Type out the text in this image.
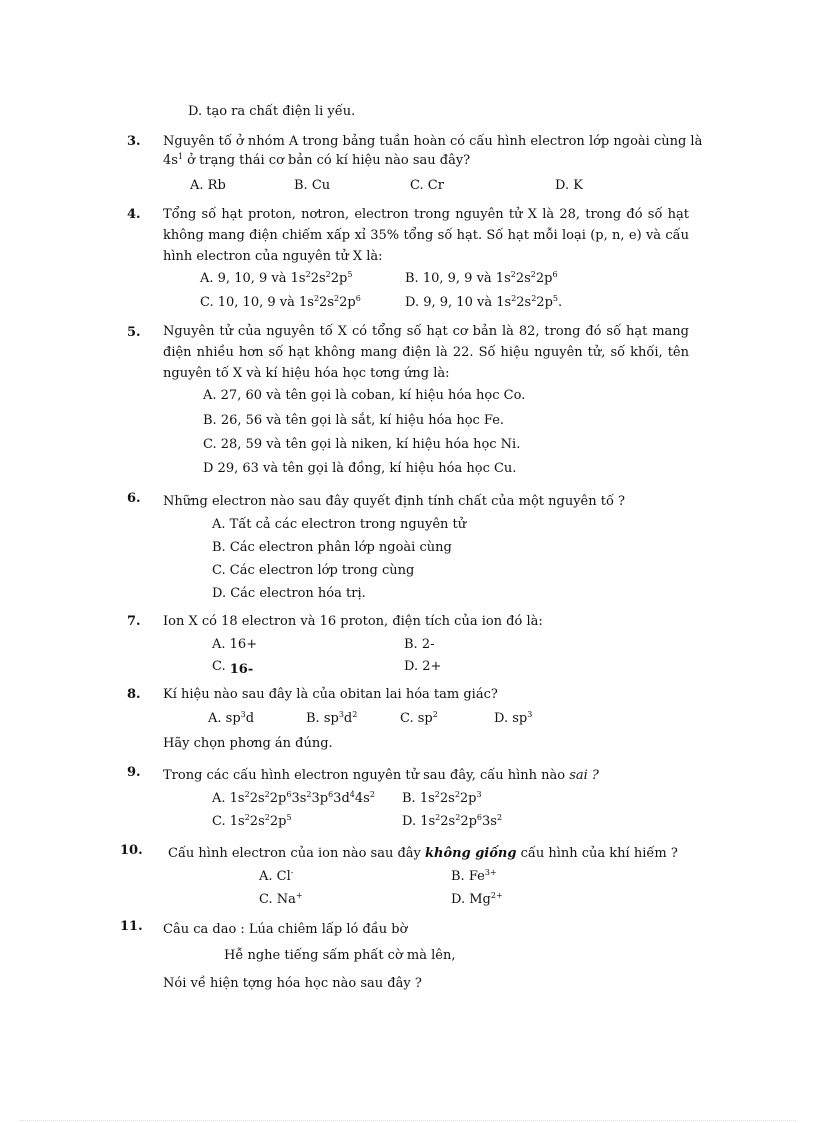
D. tạo ra chất điện li yếu.
3. Nguyên tố ở nhóm A trong bảng tuần hoàn có cấu hình electron lớp ngoài cùng là
$4s^1$ ở trạng thái cơ bản có kí hiệu nào sau đây?
A. Rb	B. Cu	C. Cr	D. K
4. Tổng số hạt proton, nơtron, electron trong nguyên tử X là 28, trong đó số hạt không mang điện chiếm xấp xỉ 35% tổng số hạt. Số hạt mỗi loại (p, n, e) và cấu hình electron của nguyên tử X là:
A. 9, 10, 9 và $1s^22s^22p^5$	B. 10, 9, 9 và $1s^22s^22p^6$
C. 10, 10, 9 và $1s^22s^22p^6$	D. 9, 9, 10 và $1s^22s^22p^5$.
5. Nguyên tử của nguyên tố X có tổng số hạt cơ bản là 82, trong đó số hạt mang điện nhiều hơn số hạt không mang điện là 22. Số hiệu nguyên tử, số khối, tên nguyên tố X và kí hiệu hóa học tơng ứng là:
A. 27, 60 và tên gọi là coban, kí hiệu hóa học Co.
B. 26, 56 và tên gọi là sắt, kí hiệu hóa học Fe.
C. 28, 59 và tên gọi là niken, kí hiệu hóa học Ni.
D 29, 63 và tên gọi là đồng, kí hiệu hóa học Cu.
6. Những electron nào sau đây quyết định tính chất của một nguyên tố ?
A. Tất cả các electron trong nguyên tử
B. Các electron phân lớp ngoài cùng
C. Các electron lớp trong cùng
D. Các electron hóa trị.
7. Ion X có 18 electron và 16 proton, điện tích của ion đó là:
A. 16+	B. 2-
C. 16-	D. 2+
8. Kí hiệu nào sau đây là của obitan lai hóa tam giác?
A. $sp^3d$	B. $sp^3d^2$	C. $sp^2$	D. $sp^3$
Hãy chọn phơng án đúng.
9. Trong các cấu hình electron nguyên tử sau đây, cấu hình nào sai ?
A. $1s^22s^22p^63s^23p^63d^44s^2$ B. $1s^22s^22p^3$
C. $1s^22s^22p^5$	D. $1s^22s^22p^63s^2$
10. Cấu hình electron của ion nào sau đây không giống cấu hình của khí hiếm ?
A. Cl-	B. $Fe^{3+}$
C. Na+	D. $Mg^{2+}$
11. Câu ca dao : Lúa chiêm lấp ló đầu bờ
Hễ nghe tiếng sấm phất cờ mà lên,
Nói về hiện tợng hóa học nào sau đây ?
